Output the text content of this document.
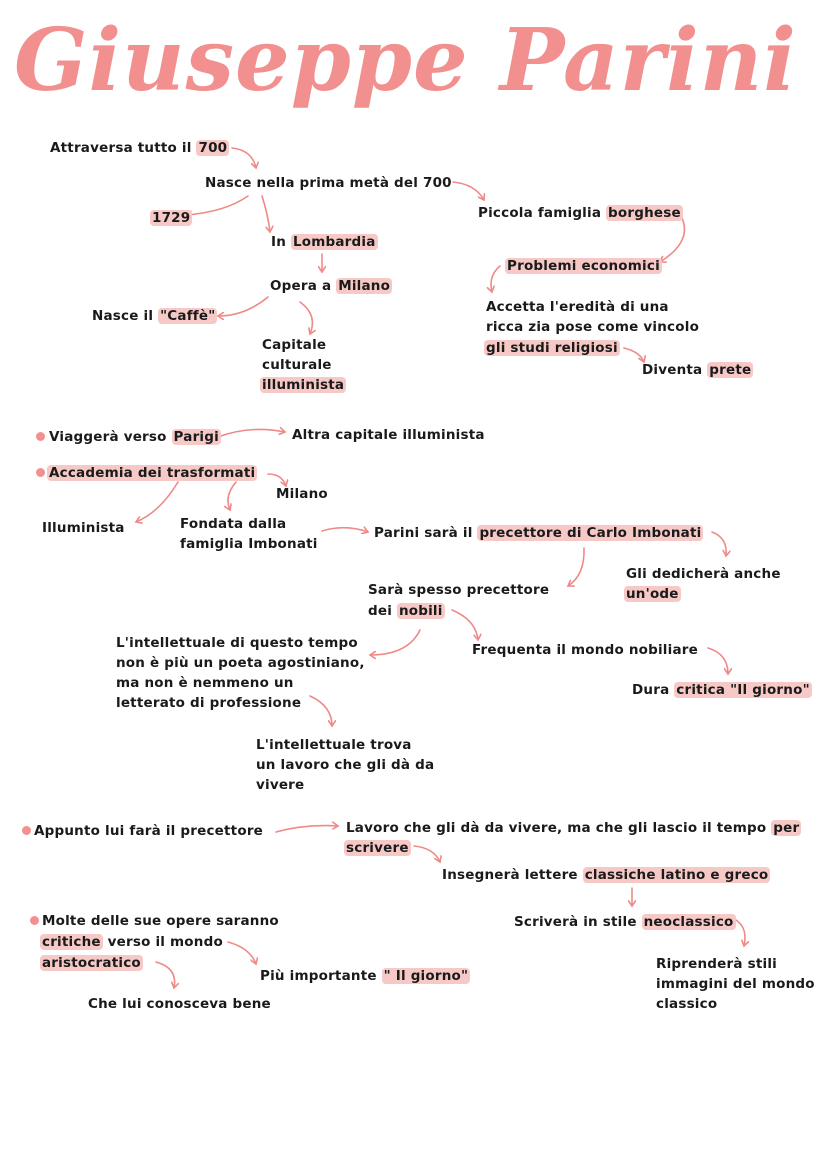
Giuseppe Parini
Attraversa tutto il 700
Nasce nella prima metà del 700
1729	Piccola famiglia borghese
In Lombardia
Problemi economici
Opera a Milano
Nasce il "Caffè"
Accetta l'eredità di una
ricca zia pose come vincolo
gli studi religiosi
Capitale
culturale
illuminista
Diventa prete
Viaggerà verso Parigi	Altra capitale illuminista
Accademia dei trasformati
Milano
Illuminista	Fondata dalla
famiglia Imbonati
Parini sarà il precettore di Carlo Imbonati
Gli dedicherà anche
un'ode
Sarà spesso precettore
dei nobili
L'intellettuale di questo tempo
non è più un poeta agostiniano,
ma non è nemmeno un
letterato di professione
Frequenta il mondo nobiliare
Dura critica "Il giorno"
L'intellettuale trova
un lavoro che gli dà da
vivere
Appunto lui farà il precettore	Lavoro che gli dà da vivere, ma che gli lascio il tempo per
scrivere
Insegnerà lettere classiche latino e greco
Molte delle sue opere saranno
critiche verso il mondo
aristocratico
Scriverà in stile neoclassico
Più importante " Il giorno"
Riprenderà stili
immagini del mondo
classico
Che lui conosceva bene
